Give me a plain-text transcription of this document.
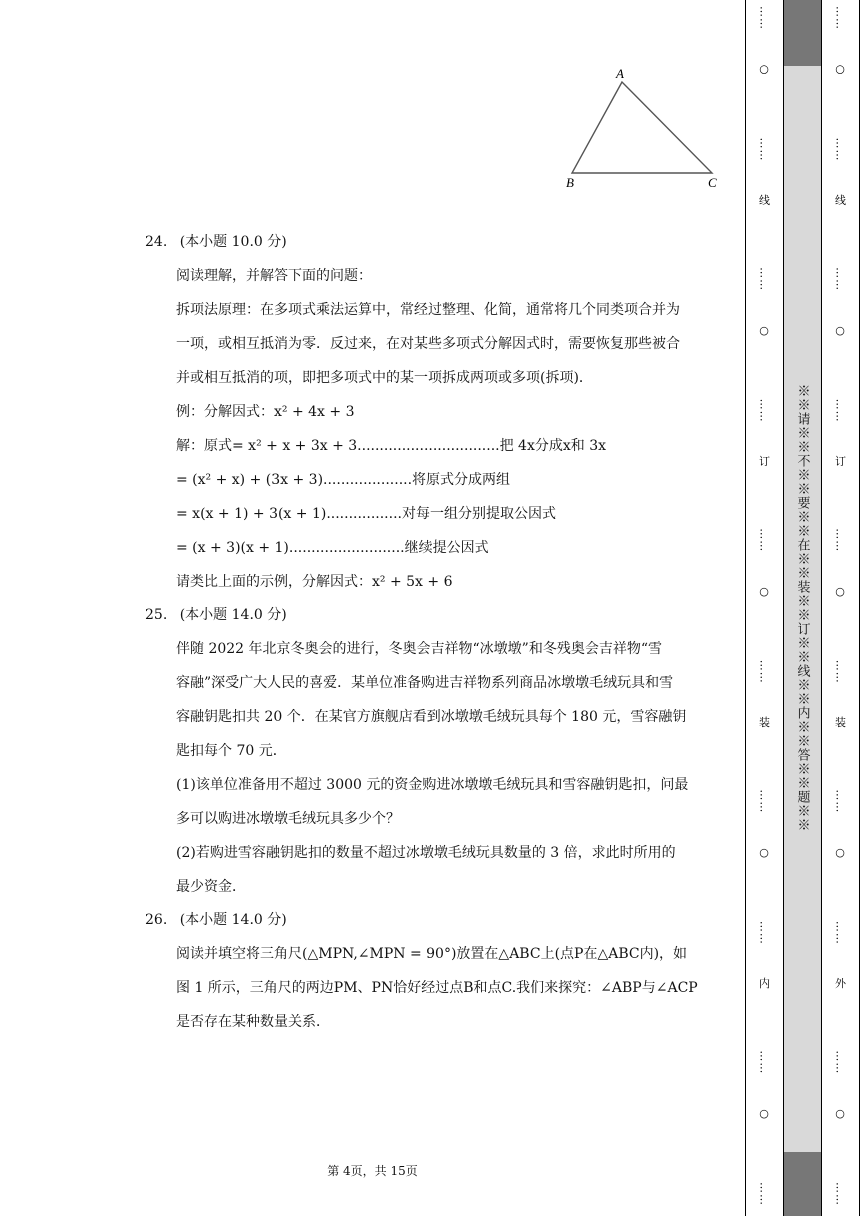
A
B	C
24. (本小题 10.0 分)
阅读理解，并解答下面的问题：
拆项法原理：在多项式乘法运算中，常经过整理、化简，通常将几个同类项合并为
一项，或相互抵消为零．反过来，在对某些多项式分解因式时，需要恢复那些被合
并或相互抵消的项，即把多项式中的某一项拆成两项或多项(拆项)．
例：分解因式：x² + 4x + 3
解：原式= x² + x + 3x + 3................................把 4x分成x和 3x
= (x² + x) + (3x + 3)....................将原式分成两组
= x(x + 1) + 3(x + 1).................对每一组分别提取公因式
= (x + 3)(x + 1)..........................继续提公因式
请类比上面的示例，分解因式：x² + 5x + 6
25. (本小题 14.0 分)
伴随 2022 年北京冬奥会的进行，冬奥会吉祥物“冰墩墩”和冬残奥会吉祥物“雪
容融”深受广大人民的喜爱．某单位准备购进吉祥物系列商品冰墩墩毛绒玩具和雪
容融钥匙扣共 20 个．在某官方旗舰店看到冰墩墩毛绒玩具每个 180 元，雪容融钥
匙扣每个 70 元．
(1)该单位准备用不超过 3000 元的资金购进冰墩墩毛绒玩具和雪容融钥匙扣，问最
多可以购进冰墩墩毛绒玩具多少个？
(2)若购进雪容融钥匙扣的数量不超过冰墩墩毛绒玩具数量的 3 倍，求此时所用的
最少资金．
26. (本小题 14.0 分)
阅读并填空将三角尺(△MPN,∠MPN = 90°)放置在△ABC上(点P在△ABC内)，如
图 1 所示，三角尺的两边PM、PN恰好经过点B和点C.我们来探究：∠ABP与∠ACP
是否存在某种数量关系．
第 4页，共 15页
※※请※※不※※要※※在※※装※※订※※线※※内※※答※※题※※
…… ○ …… 线 …… ○ …… 订 …… ○ …… 装 …… ○ …… 内 …… ○ ……	…… ○ …… 线 …… ○ …… 订 …… ○ …… 装 …… ○ …… 外 …… ○ ……
